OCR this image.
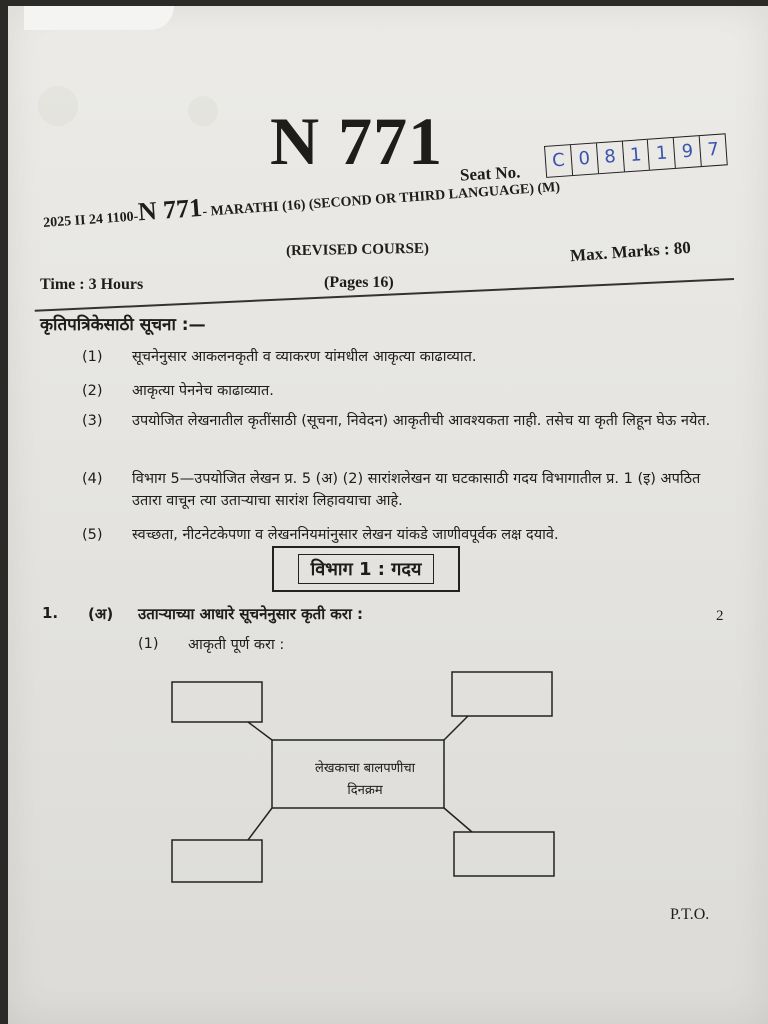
N 771 Seat No.
C 0 8 1 1 9 7
2025 II 24 1100-N 771- MARATHI (16) (SECOND OR THIRD LANGUAGE) (M)
(REVISED COURSE)	Max. Marks : 80
Time : 3 Hours	(Pages 16)
कृतिपत्रिकेसाठी सूचना :—
(1) सूचनेनुसार आकलनकृती व व्याकरण यांमधील आकृत्या काढाव्यात.
(2) आकृत्या पेननेच काढाव्यात.
(3) उपयोजित लेखनातील कृतींसाठी (सूचना, निवेदन) आकृतीची आवश्यकता नाही. तसेच या कृती लिहून घेऊ नयेत.
(4) विभाग 5—उपयोजित लेखन प्र. 5 (अ) (2) सारांशलेखन या घटकासाठी गदय विभागातील प्र. 1 (इ) अपठित उतारा वाचून त्या उताऱ्याचा सारांश लिहावयाचा आहे.
(5) स्वच्छता, नीटनेटकेपणा व लेखननियमांनुसार लेखन यांकडे जाणीवपूर्वक लक्ष दयावे.
विभाग 1 : गदय
1. (अ) उताऱ्याच्या आधारे सूचनेनुसार कृती करा :	2
(1) आकृती पूर्ण करा :
लेखकाचा बालपणीचा
दिनक्रम
P.T.O.
